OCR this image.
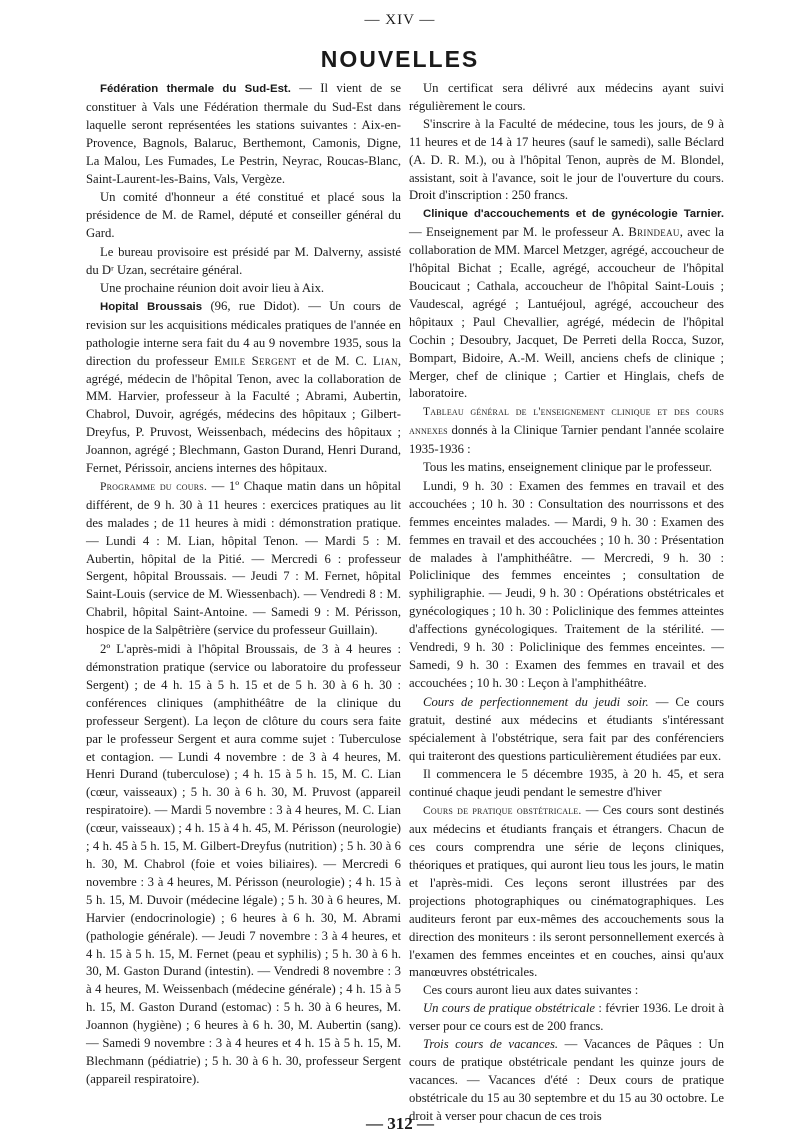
— XIV —
NOUVELLES

Fédération thermale du Sud-Est. — Il vient de se constituer à Vals une Fédération thermale du Sud-Est dans laquelle seront représentées les stations suivantes : Aix-en-Provence, Bagnols, Balaruc, Berthemont, Camonis, Digne, La Malou, Les Fumades, Le Pestrin, Neyrac, Roucas-Blanc, Saint-Laurent-les-Bains, Vals, Vergèze.

Un comité d'honneur a été constitué et placé sous la présidence de M. de Ramel, député et conseiller général du Gard.

Le bureau provisoire est présidé par M. Dalverny, assisté du Dʳ Uzan, secrétaire général.

Une prochaine réunion doit avoir lieu à Aix.

Hopital Broussais (96, rue Didot). — Un cours de revision sur les acquisitions médicales pratiques de l'année en pathologie interne sera fait du 4 au 9 novembre 1935, sous la direction du professeur Emile Sergent et de M. C. Lian, agrégé, médecin de l'hôpital Tenon, avec la collaboration de MM. Harvier, professeur à la Faculté ; Abrami, Aubertin, Chabrol, Duvoir, agrégés, médecins des hôpitaux ; Gilbert-Dreyfus, P. Pruvost, Weissenbach, médecins des hôpitaux ; Joannon, agrégé ; Blechmann, Gaston Durand, Henri Durand, Fernet, Périssoir, anciens internes des hôpitaux.

Programme du cours. — 1º Chaque matin dans un hôpital différent, de 9 h. 30 à 11 heures : exercices pratiques au lit des malades ; de 11 heures à midi : démonstration pratique. — Lundi 4 : M. Lian, hôpital Tenon. — Mardi 5 : M. Aubertin, hôpital de la Pitié. — Mercredi 6 : professeur Sergent, hôpital Broussais. — Jeudi 7 : M. Fernet, hôpital Saint-Louis (service de M. Wiessenbach). — Vendredi 8 : M. Chabril, hôpital Saint-Antoine. — Samedi 9 : M. Périsson, hospice de la Salpêtrière (service du professeur Guillain).

2º L'après-midi à l'hôpital Broussais, de 3 à 4 heures : démonstration pratique (service ou laboratoire du professeur Sergent) ; de 4 h. 15 à 5 h. 15 et de 5 h. 30 à 6 h. 30 : conférences cliniques (amphithéâtre de la clinique du professeur Sergent). La leçon de clôture du cours sera faite par le professeur Sergent et aura comme sujet : Tuberculose et contagion. — Lundi 4 novembre : de 3 à 4 heures, M. Henri Durand (tuberculose) ; 4 h. 15 à 5 h. 15, M. C. Lian (cœur, vaisseaux) ; 5 h. 30 à 6 h. 30, M. Pruvost (appareil respiratoire). — Mardi 5 novembre : 3 à 4 heures, M. C. Lian (cœur, vaisseaux) ; 4 h. 15 à 4 h. 45, M. Périsson (neurologie) ; 4 h. 45 à 5 h. 15, M. Gilbert-Dreyfus (nutrition) ; 5 h. 30 à 6 h. 30, M. Chabrol (foie et voies biliaires). — Mercredi 6 novembre : 3 à 4 heures, M. Périsson (neurologie) ; 4 h. 15 à 5 h. 15, M. Duvoir (médecine légale) ; 5 h. 30 à 6 heures, M. Harvier (endocrinologie) ; 6 heures à 6 h. 30, M. Abrami (pathologie générale). — Jeudi 7 novembre : 3 à 4 heures, et 4 h. 15 à 5 h. 15, M. Fernet (peau et syphilis) ; 5 h. 30 à 6 h. 30, M. Gaston Durand (intestin). — Vendredi 8 novembre : 3 à 4 heures, M. Weissenbach (médecine générale) ; 4 h. 15 à 5 h. 15, M. Gaston Durand (estomac) : 5 h. 30 à 6 heures, M. Joannon (hygiène) ; 6 heures à 6 h. 30, M. Aubertin (sang). — Samedi 9 novembre : 3 à 4 heures et 4 h. 15 à 5 h. 15, M. Blechmann (pédiatrie) ; 5 h. 30 à 6 h. 30, professeur Sergent (appareil respiratoire).

Un certificat sera délivré aux médecins ayant suivi régulièrement le cours.

S'inscrire à la Faculté de médecine, tous les jours, de 9 à 11 heures et de 14 à 17 heures (sauf le samedi), salle Béclard (A. D. R. M.), ou à l'hôpital Tenon, auprès de M. Blondel, assistant, soit à l'avance, soit le jour de l'ouverture du cours. Droit d'inscription : 250 francs.

Clinique d'accouchements et de gynécologie Tarnier. — Enseignement par M. le professeur A. Brindeau, avec la collaboration de MM. Marcel Metzger, agrégé, accoucheur de l'hôpital Bichat ; Ecalle, agrégé, accoucheur de l'hôpital Boucicaut ; Cathala, accoucheur de l'hôpital Saint-Louis ; Vaudescal, agrégé ; Lantuéjoul, agrégé, accoucheur des hôpitaux ; Paul Chevallier, agrégé, médecin de l'hôpital Cochin ; Desoubry, Jacquet, De Perreti della Rocca, Suzor, Bompart, Bidoire, A.-M. Weill, anciens chefs de clinique ; Merger, chef de clinique ; Cartier et Hinglais, chefs de laboratoire.

Tableau général de l'enseignement clinique et des cours annexes donnés à la Clinique Tarnier pendant l'année scolaire 1935-1936 :

Tous les matins, enseignement clinique par le professeur.

Lundi, 9 h. 30 : Examen des femmes en travail et des accouchées ; 10 h. 30 : Consultation des nourrissons et des femmes enceintes malades. — Mardi, 9 h. 30 : Examen des femmes en travail et des accouchées ; 10 h. 30 : Présentation de malades à l'amphithéâtre. — Mercredi, 9 h. 30 : Policlinique des femmes enceintes ; consultation de syphiligraphie. — Jeudi, 9 h. 30 : Opérations obstétricales et gynécologiques ; 10 h. 30 : Policlinique des femmes atteintes d'affections gynécologiques. Traitement de la stérilité. — Vendredi, 9 h. 30 : Policlinique des femmes enceintes. — Samedi, 9 h. 30 : Examen des femmes en travail et des accouchées ; 10 h. 30 : Leçon à l'amphithéâtre.

Cours de perfectionnement du jeudi soir. — Ce cours gratuit, destiné aux médecins et étudiants s'intéressant spécialement à l'obstétrique, sera fait par des conférenciers qui traiteront des questions particulièrement étudiées par eux.

Il commencera le 5 décembre 1935, à 20 h. 45, et sera continué chaque jeudi pendant le semestre d'hiver

Cours de pratique obstétricale. — Ces cours sont destinés aux médecins et étudiants français et étrangers. Chacun de ces cours comprendra une série de leçons cliniques, théoriques et pratiques, qui auront lieu tous les jours, le matin et l'après-midi. Ces leçons seront illustrées par des projections photographiques ou cinématographiques. Les auditeurs feront par eux-mêmes des accouchements sous la direction des moniteurs : ils seront personnellement exercés à l'examen des femmes enceintes et en couches, ainsi qu'aux manœuvres obstétricales.

Ces cours auront lieu aux dates suivantes :

Un cours de pratique obstétricale : février 1936. Le droit à verser pour ce cours est de 200 francs.

Trois cours de vacances. — Vacances de Pâques : Un cours de pratique obstétricale pendant les quinze jours de vacances. — Vacances d'été : Deux cours de pratique obstétricale du 15 au 30 septembre et du 15 au 30 octobre. Le droit à verser pour chacun de ces trois

— 312 —
